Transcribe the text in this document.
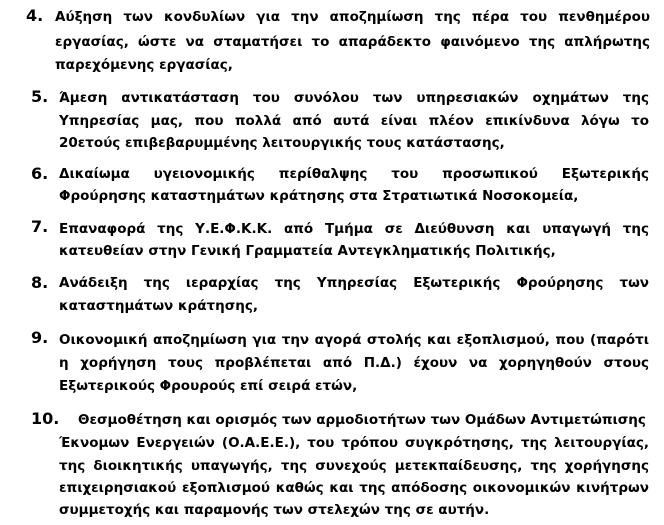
4. Αύξηση των κονδυλίων για την αποζημίωση της πέρα του πενθημέρου
εργασίας, ώστε να σταματήσει το απαράδεκτο φαινόμενο της απλήρωτης
παρεχόμενης εργασίας,
5. Άμεση αντικατάσταση του συνόλου των υπηρεσιακών οχημάτων της
Υπηρεσίας μας, που πολλά από αυτά είναι πλέον επικίνδυνα λόγω το
20ετούς επιβεβαρυμμένης λειτουργικής τους κατάστασης,
6. Δικαίωμα υγειονομικής περίθαλψης του προσωπικού Εξωτερικής
Φρούρησης καταστημάτων κράτησης στα Στρατιωτικά Νοσοκομεία,
7. Επαναφορά της Υ.Ε.Φ.Κ.Κ. από Τμήμα σε Διεύθυνση και υπαγωγή της
κατευθείαν στην Γενική Γραμματεία Αντεγκληματικής Πολιτικής,
8. Ανάδειξη της ιεραρχίας της Υπηρεσίας Εξωτερικής Φρούρησης των
καταστημάτων κράτησης,
9. Οικονομική αποζημίωση για την αγορά στολής και εξοπλισμού, που (παρότι
η χορήγηση τους προβλέπεται από Π.Δ.) έχουν να χορηγηθούν στους
Εξωτερικούς Φρουρούς επί σειρά ετών,
10. Θεσμοθέτηση και ορισμός των αρμοδιοτήτων των Ομάδων Αντιμετώπισης
Έκνομων Ενεργειών (Ο.Α.Ε.Ε.), του τρόπου συγκρότησης, της λειτουργίας,
της διοικητικής υπαγωγής, της συνεχούς μετεκπαίδευσης, της χορήγησης
επιχειρησιακού εξοπλισμού καθώς και της απόδοσης οικονομικών κινήτρων
συμμετοχής και παραμονής των στελεχών της σε αυτήν.
